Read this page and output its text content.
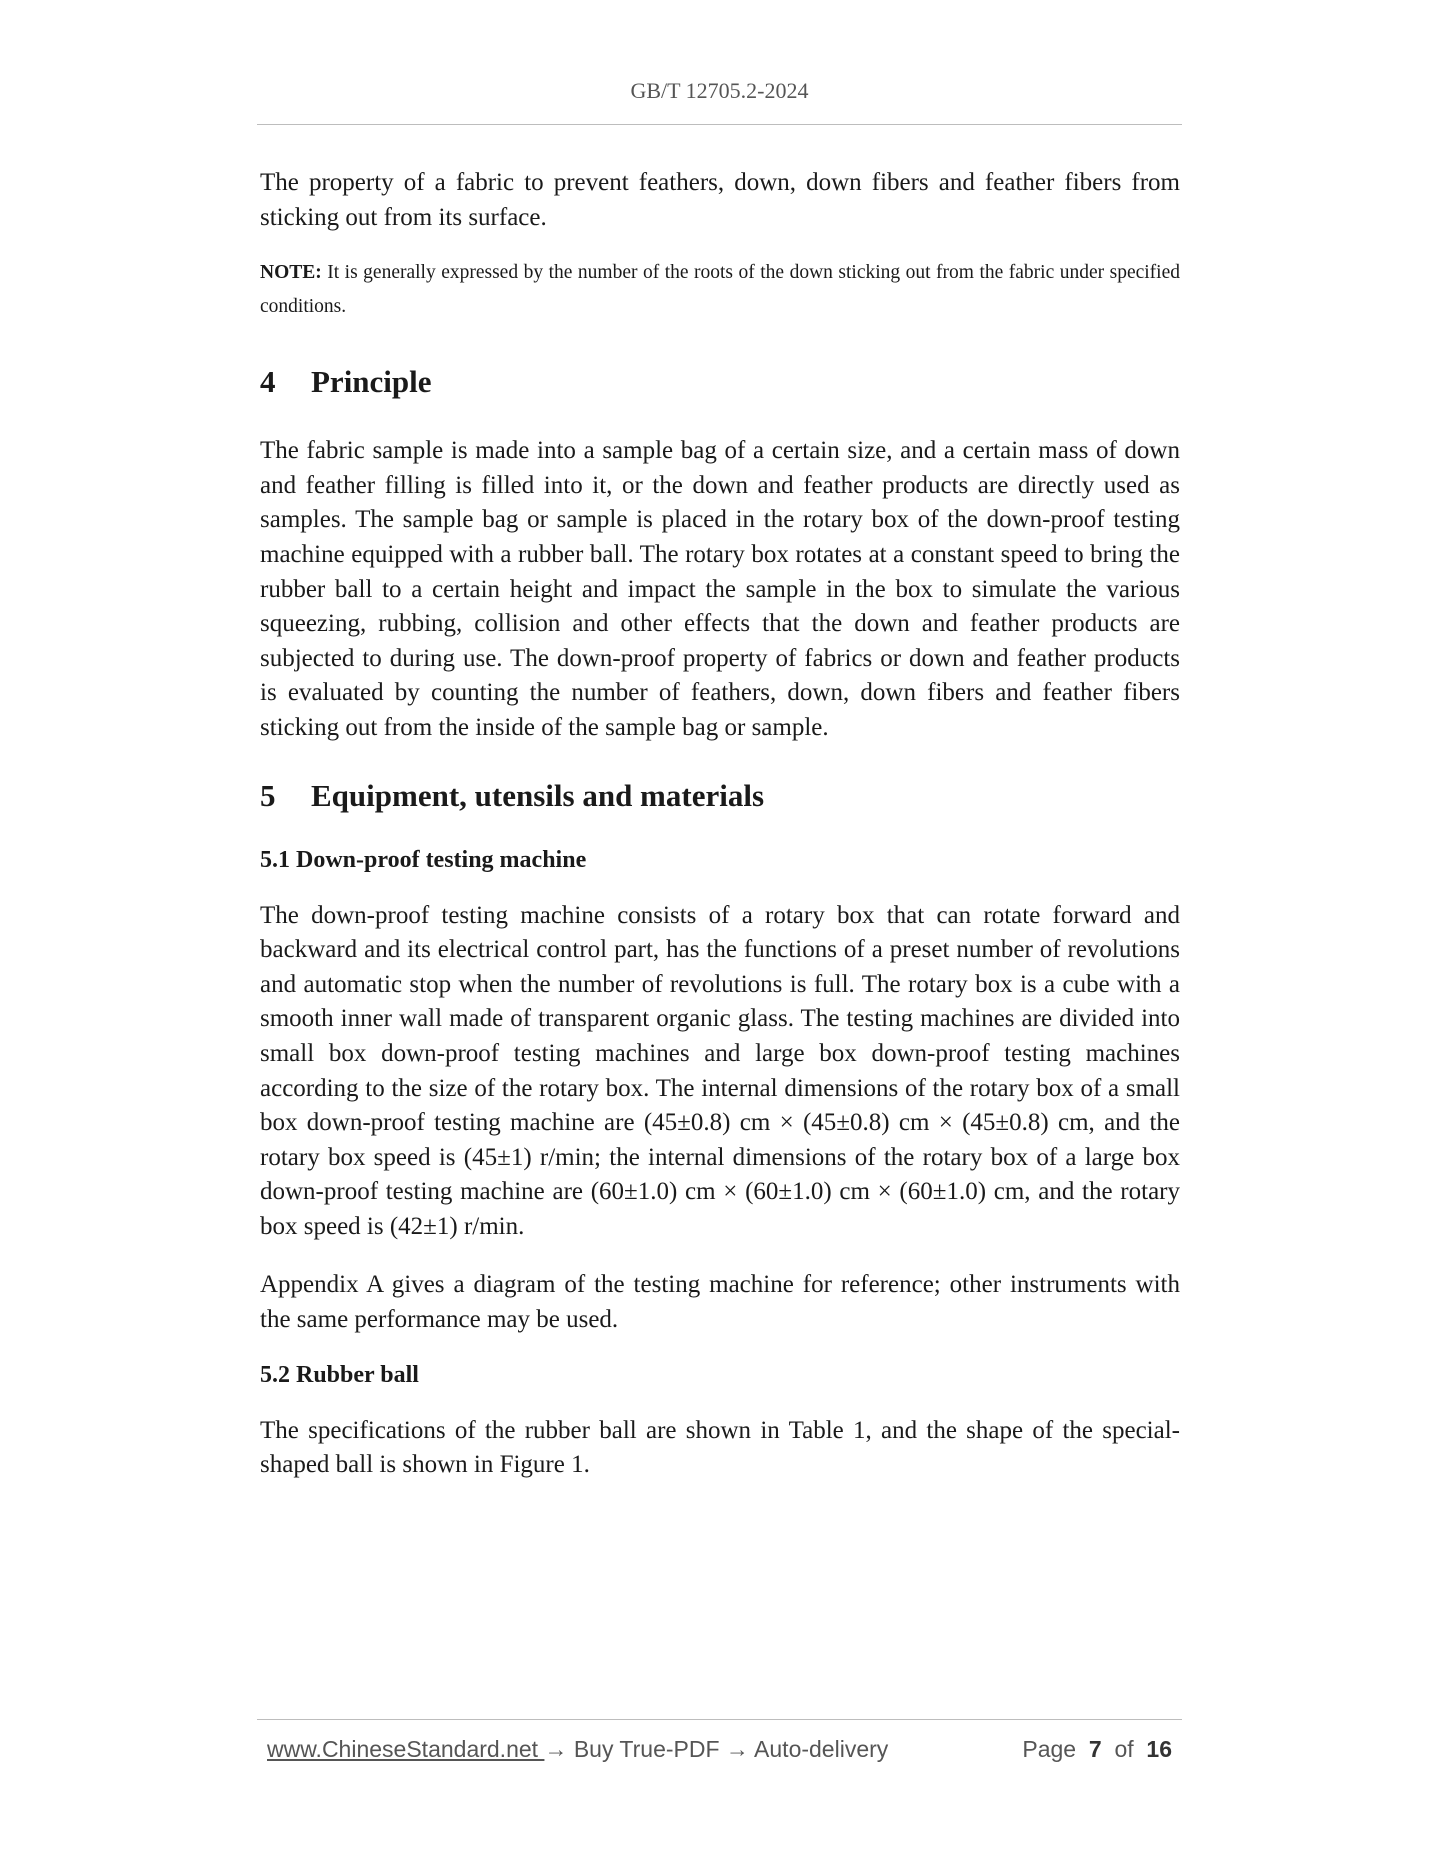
GB/T 12705.2-2024

The property of a fabric to prevent feathers, down, down fibers and feather fibers from sticking out from its surface.

NOTE: It is generally expressed by the number of the roots of the down sticking out from the fabric under specified conditions.

4 Principle

The fabric sample is made into a sample bag of a certain size, and a certain mass of down and feather filling is filled into it, or the down and feather products are directly used as samples. The sample bag or sample is placed in the rotary box of the down-proof testing machine equipped with a rubber ball. The rotary box rotates at a constant speed to bring the rubber ball to a certain height and impact the sample in the box to simulate the various squeezing, rubbing, collision and other effects that the down and feather products are subjected to during use. The down-proof property of fabrics or down and feather products is evaluated by counting the number of feathers, down, down fibers and feather fibers sticking out from the inside of the sample bag or sample.

5 Equipment, utensils and materials
5.1 Down-proof testing machine

The down-proof testing machine consists of a rotary box that can rotate forward and backward and its electrical control part, has the functions of a preset number of revolutions and automatic stop when the number of revolutions is full. The rotary box is a cube with a smooth inner wall made of transparent organic glass. The testing machines are divided into small box down-proof testing machines and large box down-proof testing machines according to the size of the rotary box. The internal dimensions of the rotary box of a small box down-proof testing machine are (45±0.8) cm × (45±0.8) cm × (45±0.8) cm, and the rotary box speed is (45±1) r/min; the internal dimensions of the rotary box of a large box down-proof testing machine are (60±1.0) cm × (60±1.0) cm × (60±1.0) cm, and the rotary box speed is (42±1) r/min.

Appendix A gives a diagram of the testing machine for reference; other instruments with the same performance may be used.

5.2 Rubber ball

The specifications of the rubber ball are shown in Table 1, and the shape of the special-shaped ball is shown in Figure 1.

www.ChineseStandard.net → Buy True-PDF → Auto-delivery	Page 7 of 16
